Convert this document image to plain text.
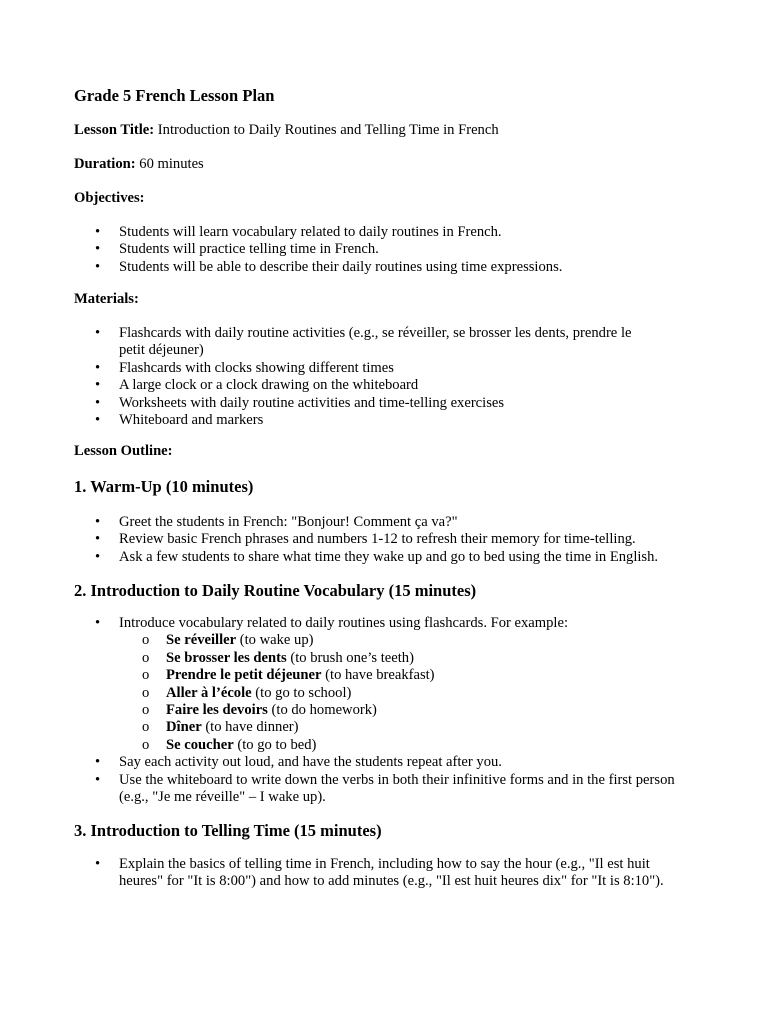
Grade 5 French Lesson Plan

Lesson Title: Introduction to Daily Routines and Telling Time in French

Duration: 60 minutes

Objectives:

• Students will learn vocabulary related to daily routines in French.
• Students will practice telling time in French.
• Students will be able to describe their daily routines using time expressions.

Materials:

• Flashcards with daily routine activities (e.g., se réveiller, se brosser les dents, prendre le petit déjeuner)
• Flashcards with clocks showing different times
• A large clock or a clock drawing on the whiteboard
• Worksheets with daily routine activities and time-telling exercises
• Whiteboard and markers

Lesson Outline:

1. Warm-Up (10 minutes)
• Greet the students in French: "Bonjour! Comment ça va?"
• Review basic French phrases and numbers 1-12 to refresh their memory for time-telling.
• Ask a few students to share what time they wake up and go to bed using the time in English.
2. Introduction to Daily Routine Vocabulary (15 minutes)
• Introduce vocabulary related to daily routines using flashcards. For example:
o Se réveiller (to wake up)
o Se brosser les dents (to brush one’s teeth)
o Prendre le petit déjeuner (to have breakfast)
o Aller à l’école (to go to school)
o Faire les devoirs (to do homework)
o Dîner (to have dinner)
o Se coucher (to go to bed)
• Say each activity out loud, and have the students repeat after you.
• Use the whiteboard to write down the verbs in both their infinitive forms and in the first person (e.g., "Je me réveille" – I wake up).
3. Introduction to Telling Time (15 minutes)
• Explain the basics of telling time in French, including how to say the hour (e.g., "Il est huit heures" for "It is 8:00") and how to add minutes (e.g., "Il est huit heures dix" for "It is 8:10").
